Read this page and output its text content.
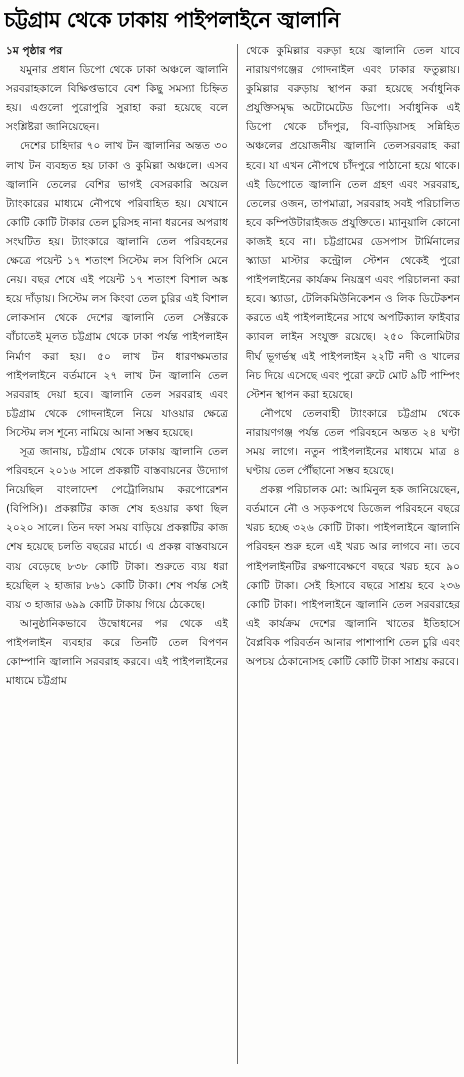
চট্টগ্রাম থেকে ঢাকায় পাইপলাইনে জ্বালানি

১ম পৃষ্ঠার পর

যমুনার প্রধান ডিপো থেকে ঢাকা অঞ্চলে জ্বালানি সরবরাহকালে বিক্ষিপ্তভাবে বেশ কিছু সমস্যা চিহ্নিত হয়। এগুলো পুরোপুরি সুরাহা করা হয়েছে বলে সংশ্লিষ্টরা জানিয়েছেন।

দেশের চাহিদার ৭০ লাখ টন জ্বালানির অন্তত ৩০ লাখ টন ব্যবহৃত হয় ঢাকা ও কুমিল্লা অঞ্চলে। এসব জ্বালানি তেলের বেশির ভাগই বেসরকারি অয়েল ট্যাংকারের মাধ্যমে নৌপথে পরিবাহিত হয়। যেখানে কোটি কোটি টাকার তেল চুরিসহ নানা ধরনের অপরাধ সংঘটিত হয়। ট্যাংকারে জ্বালানি তেল পরিবহনের ক্ষেত্রে পয়েন্ট ১৭ শতাংশ সিস্টেম লস বিপিসি মেনে নেয়। বছর শেষে এই পয়েন্ট ১৭ শতাংশ বিশাল অঙ্ক হয়ে দাঁড়ায়। সিস্টেম লস কিংবা তেল চুরির এই বিশাল লোকসান থেকে দেশের জ্বালানি তেল সেক্টরকে বাঁচাতেই মূলত চট্টগ্রাম থেকে ঢাকা পর্যন্ত পাইপলাইন নির্মাণ করা হয়। ৫০ লাখ টন ধারণক্ষমতার পাইপলাইনে বর্তমানে ২৭ লাখ টন জ্বালানি তেল সরবরাহ দেয়া হবে। জ্বালানি তেল সরবরাহ এবং চট্টগ্রাম থেকে গোদনাইলে নিয়ে যাওয়ার ক্ষেত্রে সিস্টেম লস শূন্যে নামিয়ে আনা সম্ভব হয়েছে।

সূত্র জানায়, চট্টগ্রাম থেকে ঢাকায় জ্বালানি তেল পরিবহনে ২০১৬ সালে প্রকল্পটি বাস্তবায়নের উদ্যোগ নিয়েছিল বাংলাদেশ পেট্রোলিয়াম করপোরেশন (বিপিসি)। প্রকল্পটির কাজ শেষ হওয়ার কথা ছিল ২০২০ সালে। তিন দফা সময় বাড়িয়ে প্রকল্পটির কাজ শেষ হয়েছে চলতি বছরের মার্চে। এ প্রকল্প বাস্তবায়নে ব্যয় বেড়েছে ৮৩৮ কোটি টাকা। শুরুতে ব্যয় ধরা হয়েছিল ২ হাজার ৮৬১ কোটি টাকা। শেষ পর্যন্ত সেই ব্যয় ৩ হাজার ৬৯৯ কোটি টাকায় গিয়ে ঠেকেছে।

আনুষ্ঠানিকভাবে উদ্বোধনের পর থেকে এই পাইপলাইন ব্যবহার করে তিনটি তেল বিপণন কোম্পানি জ্বালানি সরবরাহ করবে। এই পাইপলাইনের মাধ্যমে চট্টগ্রাম

থেকে কুমিল্লার বরুড়া হয়ে জ্বালানি তেল যাবে নারায়ণগঞ্জের গোদনাইল এবং ঢাকার ফতুল্লায়। কুমিল্লার বরুড়ায় স্থাপন করা হয়েছে সর্বাধুনিক প্রযুক্তিসমৃদ্ধ অটোমেটেড ডিপো। সর্বাধুনিক এই ডিপো থেকে চাঁদপুর, বি-বাড়িয়াসহ সন্নিহিত অঞ্চলের প্রয়োজনীয় জ্বালানি তেলসরবরাহ করা হবে। যা এখন নৌপথে চাঁদপুরে পাঠানো হয়ে থাকে। এই ডিপোতে জ্বালানি তেল গ্রহণ এবং সরবরাহ, তেলের ওজন, তাপমাত্রা, সরবরাহ সবই পরিচালিত হবে কম্পিউটারাইজড প্রযুক্তিতে। ম্যানুয়ালি কোনো কাজই হবে না। চট্টগ্রামের ডেসপাস টার্মিনালের স্ক্যাডা মাস্টার কন্ট্রোল স্টেশন থেকেই পুরো পাইপলাইনের কার্যক্রম নিয়ন্ত্রণ এবং পরিচালনা করা হবে। স্ক্যাডা, টেলিকমিউনিকেশন ও লিক ডিটেকশন করতে এই পাইপলাইনের সাথে অপটিক্যাল ফাইবার ক্যাবল লাইন সংযুক্ত রয়েছে। ২৫০ কিলোমিটার দীর্ঘ ভূগর্ভস্থ এই পাইপলাইন ২২টি নদী ও খালের নিচ দিয়ে এসেছে এবং পুরো রুটে মোট ৯টি পাম্পিং স্টেশন স্থাপন করা হয়েছে।

নৌপথে তেলবাহী ট্যাংকারে চট্টগ্রাম থেকে নারায়ণগঞ্জ পর্যন্ত তেল পরিবহনে অন্তত ২৪ ঘণ্টা সময় লাগে। নতুন পাইপলাইনের মাধ্যমে মাত্র ৪ ঘণ্টায় তেল পৌঁছানো সম্ভব হয়েছে।

প্রকল্প পরিচালক মো: আমিনুল হক জানিয়েছেন, বর্তমানে নৌ ও সড়কপথে ডিজেল পরিবহনে বছরে খরচ হচ্ছে ৩২৬ কোটি টাকা। পাইপলাইনে জ্বালানি পরিবহন শুরু হলে এই খরচ আর লাগবে না। তবে পাইপলাইনটির রক্ষণাবেক্ষণে বছরে খরচ হবে ৯০ কোটি টাকা। সেই হিসাবে বছরে সাশ্রয় হবে ২৩৬ কোটি টাকা। পাইপলাইনে জ্বালানি তেল সরবরাহের এই কার্যক্রম দেশের জ্বালানি খাতের ইতিহাসে বৈপ্লবিক পরিবর্তন আনার পাশাপাশি তেল চুরি এবং অপচয় ঠেকানোসহ কোটি কোটি টাকা সাশ্রয় করবে।
